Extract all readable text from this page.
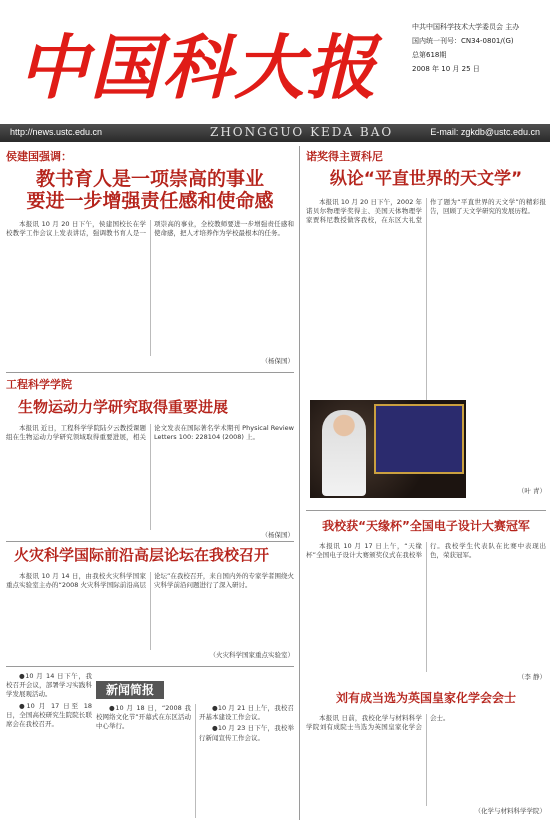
中国科大报	中共中国科学技术大学委员会 主办
国内统一刊号：CN34-0801/(G)
总第618期
2008 年 10 月 25 日
http://news.ustc.edu.cn	ZHONGGUO KEDA BAO	E-mail: zgkdb@ustc.edu.cn
侯建国强调：
教书育人是一项崇高的事业
要进一步增强责任感和使命感

本报讯 10 月 20 日下午，侯建国校长在学校教学工作会议上发表讲话，强调教书育人是一项崇高的事业，全校教师要进一步增强责任感和使命感，把人才培养作为学校最根本的任务。

（杨保国）
工程科学学院
生物运动力学研究取得重要进展

本报讯 近日，工程科学学院陆夕云教授课题组在生物运动力学研究领域取得重要进展，相关论文发表在国际著名学术期刊 Physical Review Letters 100: 228104 (2008) 上。

（杨保国）
火灾科学国际前沿高层论坛在我校召开

本报讯 10 月 14 日，由我校火灾科学国家重点实验室主办的“2008 火灾科学国际前沿高层论坛”在我校召开，来自国内外的专家学者围绕火灾科学前沿问题进行了深入研讨。

（火灾科学国家重点实验室）

●10 月 14 日下午，我校召开会议，部署学习实践科学发展观活动。

●10 月 17 日至 18 日，全国高校研究生院院长联席会在我校召开。

新闻简报

●10 月 18 日，“2008 我校网络文化节”开幕式在东区活动中心举行。

●10 月 21 日上午，我校召开基本建设工作会议。

●10 月 23 日下午，我校举行新闻宣传工作会议。

诺奖得主贾科尼
纵论“平直世界的天文学”

本报讯 10 月 20 日下午，2002 年诺贝尔物理学奖得主、美国天体物理学家贾科尼教授做客我校，在东区大礼堂作了题为“平直世界的天文学”的精彩报告，回顾了天文学研究的发展历程。

（叶 青）
我校获“天缘杯”全国电子设计大赛冠军

本报讯 10 月 17 日上午，“天缘杯”全国电子设计大赛颁奖仪式在我校举行。我校学生代表队在比赛中表现出色，荣获冠军。

（李 静）
刘有成当选为英国皇家化学会会士

本报讯 日前，我校化学与材料科学学院刘有成院士当选为英国皇家化学会会士。

（化学与材料科学学院）
